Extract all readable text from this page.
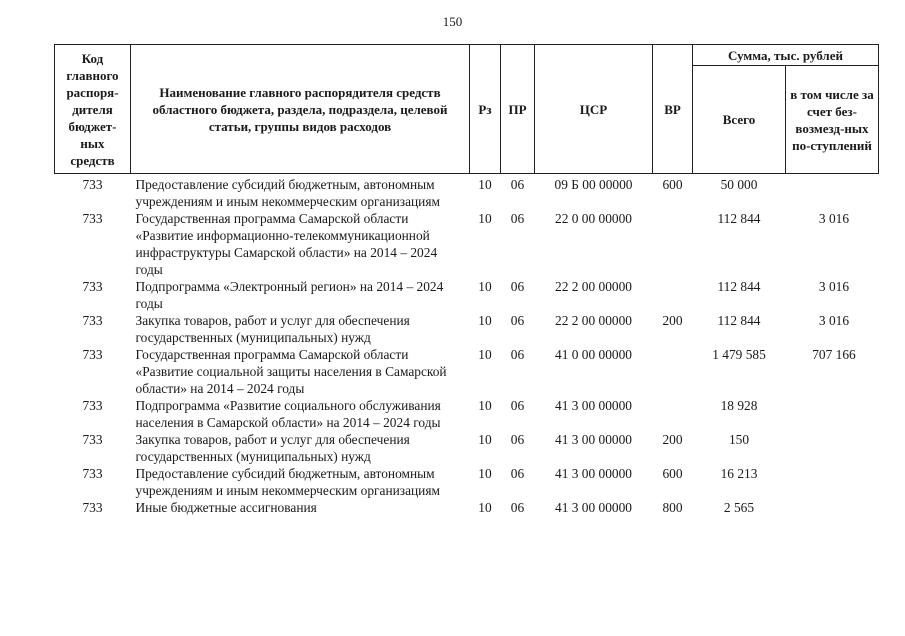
150
Код главного распоря-дителя бюджет-ных средств	Наименование главного распорядителя средств областного бюджета, раздела, подраздела, целевой статьи, группы видов расходов	Рз	ПР	ЦСР	ВР	Сумма, тыс. рублей	
						Всего	в том числе за счет без-возмезд-ных по-ступлений
733	Предоставление субсидий бюджетным, автономным учреждениям и иным некоммерческим организациям	10	06	09 Б 00 00000	600	50 000	
733	Государственная программа Самарской области «Развитие информационно-телекоммуникационной инфраструктуры Самарской области» на 2014 – 2024 годы	10	06	22 0 00 00000		112 844	3 016
733	Подпрограмма «Электронный регион» на 2014 – 2024 годы	10	06	22 2 00 00000		112 844	3 016
733	Закупка товаров, работ и услуг для обеспечения государственных (муниципальных) нужд	10	06	22 2 00 00000	200	112 844	3 016
733	Государственная программа Самарской области «Развитие социальной защиты населения в Самарской области» на 2014 – 2024 годы	10	06	41 0 00 00000		1 479 585	707 166
733	Подпрограмма «Развитие социального обслуживания населения в Самарской области» на 2014 – 2024 годы	10	06	41 3 00 00000		18 928	
733	Закупка товаров, работ и услуг для обеспечения государственных (муниципальных) нужд	10	06	41 3 00 00000	200	150	
733	Предоставление субсидий бюджетным, автономным учреждениям и иным некоммерческим организациям	10	06	41 3 00 00000	600	16 213	
733	Иные бюджетные ассигнования	10	06	41 3 00 00000	800	2 565	
